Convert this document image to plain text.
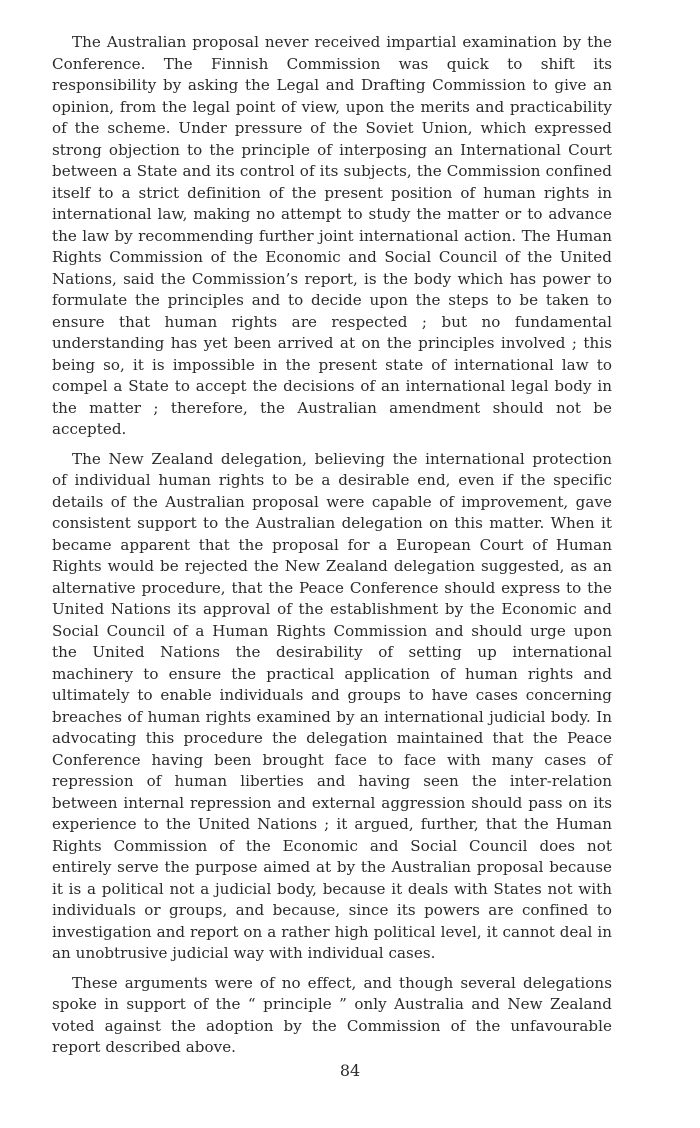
The Australian proposal never received impartial examination by the Conference. The Finnish Commission was quick to shift its responsibility by asking the Legal and Drafting Commission to give an opinion, from the legal point of view, upon the merits and practicability of the scheme. Under pressure of the Soviet Union, which expressed strong objection to the principle of interposing an International Court between a State and its control of its subjects, the Commission confined itself to a strict definition of the present position of human rights in international law, making no attempt to study the matter or to advance the law by recommending further joint international action. The Human Rights Commission of the Economic and Social Council of the United Nations, said the Commission’s report, is the body which has power to formulate the principles and to decide upon the steps to be taken to ensure that human rights are respected ; but no fundamental understanding has yet been arrived at on the principles involved ; this being so, it is impossible in the present state of international law to compel a State to accept the decisions of an international legal body in the matter ; therefore, the Australian amendment should not be accepted.

The New Zealand delegation, believing the international protection of individual human rights to be a desirable end, even if the specific details of the Australian proposal were capable of improvement, gave consistent support to the Australian delegation on this matter. When it became apparent that the proposal for a European Court of Human Rights would be rejected the New Zealand delegation suggested, as an alternative procedure, that the Peace Conference should express to the United Nations its approval of the establishment by the Economic and Social Council of a Human Rights Commission and should urge upon the United Nations the desirability of setting up international machinery to ensure the practical application of human rights and ultimately to enable individuals and groups to have cases concerning breaches of human rights examined by an international judicial body. In advocating this procedure the delegation maintained that the Peace Conference having been brought face to face with many cases of repression of human liberties and having seen the inter-relation between internal repression and external aggression should pass on its experience to the United Nations ; it argued, further, that the Human Rights Commission of the Economic and Social Council does not entirely serve the purpose aimed at by the Australian proposal because it is a political not a judicial body, because it deals with States not with individuals or groups, and because, since its powers are confined to investigation and report on a rather high political level, it cannot deal in an unobtrusive judicial way with individual cases.

These arguments were of no effect, and though several delegations spoke in support of the “ principle ” only Australia and New Zealand voted against the adoption by the Commission of the unfavourable report described above.

84
